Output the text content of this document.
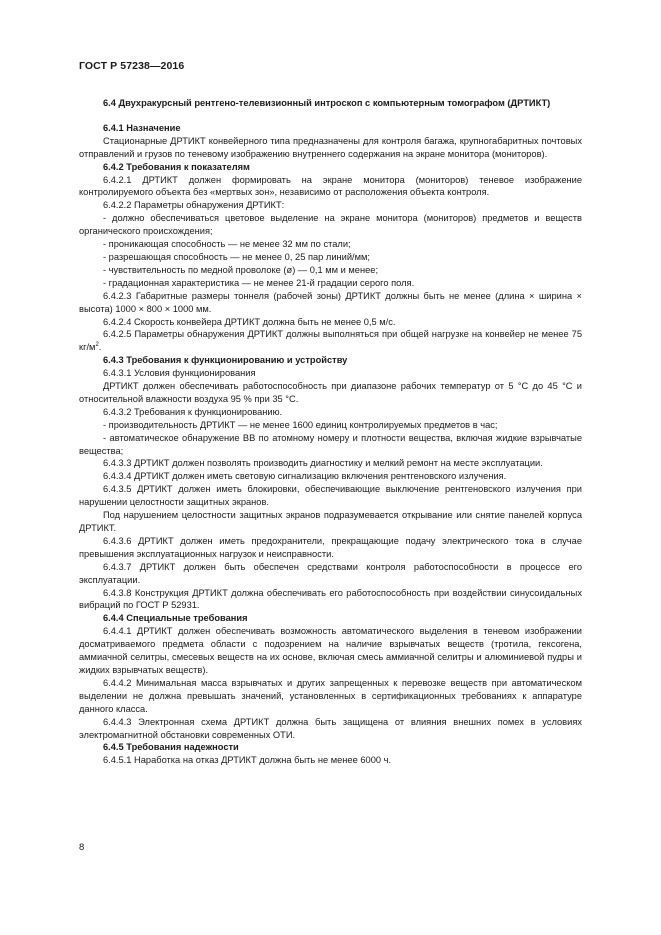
ГОСТ Р 57238—2016

6.4 Двухракурсный рентгено-телевизионный интроскоп с компьютерным томографом (ДРТИКТ)

6.4.1 Назначение

Стационарные ДРТИКТ конвейерного типа предназначены для контроля багажа, крупногабаритных почтовых отправлений и грузов по теневому изображению внутреннего содержания на экране монитора (мониторов).

6.4.2 Требования к показателям

6.4.2.1 ДРТИКТ должен формировать на экране монитора (мониторов) теневое изображение контролируемого объекта без «мертвых зон», независимо от расположения объекта контроля.

6.4.2.2 Параметры обнаружения ДРТИКТ:

- должно обеспечиваться цветовое выделение на экране монитора (мониторов) предметов и веществ органического происхождения;

- проникающая способность — не менее 32 мм по стали;

- разрешающая способность — не менее 0, 25 пар линий/мм;

- чувствительность по медной проволоке (ø) — 0,1 мм и менее;

- градационная характеристика — не менее 21-й градации серого поля.

6.4.2.3 Габаритные размеры тоннеля (рабочей зоны) ДРТИКТ должны быть не менее (длина × ширина × высота) 1000 × 800 × 1000 мм.

6.4.2.4 Скорость конвейера ДРТИКТ должна быть не менее 0,5 м/с.

6.4.2.5 Параметры обнаружения ДРТИКТ должны выполняться при общей нагрузке на конвейер не менее 75 $кг/м^2$.

6.4.3 Требования к функционированию и устройству

6.4.3.1 Условия функционирования

ДРТИКТ должен обеспечивать работоспособность при диапазоне рабочих температур от 5 °С до 45 °С и относительной влажности воздуха 95 % при 35 °С.

6.4.3.2 Требования к функционированию.

- производительность ДРТИКТ — не менее 1600 единиц контролируемых предметов в час;

- автоматическое обнаружение ВВ по атомному номеру и плотности вещества, включая жидкие взрывчатые вещества;

6.4.3.3 ДРТИКТ должен позволять производить диагностику и мелкий ремонт на месте эксплуатации.

6.4.3.4 ДРТИКТ должен иметь световую сигнализацию включения рентгеновского излучения.

6.4.3.5 ДРТИКТ должен иметь блокировки, обеспечивающие выключение рентгеновского излучения при нарушении целостности защитных экранов.

Под нарушением целостности защитных экранов подразумевается открывание или снятие панелей корпуса ДРТИКТ.

6.4.3.6 ДРТИКТ должен иметь предохранители, прекращающие подачу электрического тока в случае превышения эксплуатационных нагрузок и неисправности.

6.4.3.7 ДРТИКТ должен быть обеспечен средствами контроля работоспособности в процессе его эксплуатации.

6.4.3.8 Конструкция ДРТИКТ должна обеспечивать его работоспособность при воздействии синусоидальных вибраций по ГОСТ Р 52931.

6.4.4 Специальные требования

6.4.4.1 ДРТИКТ должен обеспечивать возможность автоматического выделения в теневом изображении досматриваемого предмета области с подозрением на наличие взрывчатых веществ (тротила, гексогена, аммиачной селитры, смесевых веществ на их основе, включая смесь аммиачной селитры и алюминиевой пудры и жидких взрывчатых веществ).

6.4.4.2 Минимальная масса взрывчатых и других запрещенных к перевозке веществ при автоматическом выделении не должна превышать значений, установленных в сертификационных требованиях к аппаратуре данного класса.

6.4.4.3 Электронная схема ДРТИКТ должна быть защищена от влияния внешних помех в условиях электромагнитной обстановки современных ОТИ.

6.4.5 Требования надежности

6.4.5.1 Наработка на отказ ДРТИКТ должна быть не менее 6000 ч.

8
